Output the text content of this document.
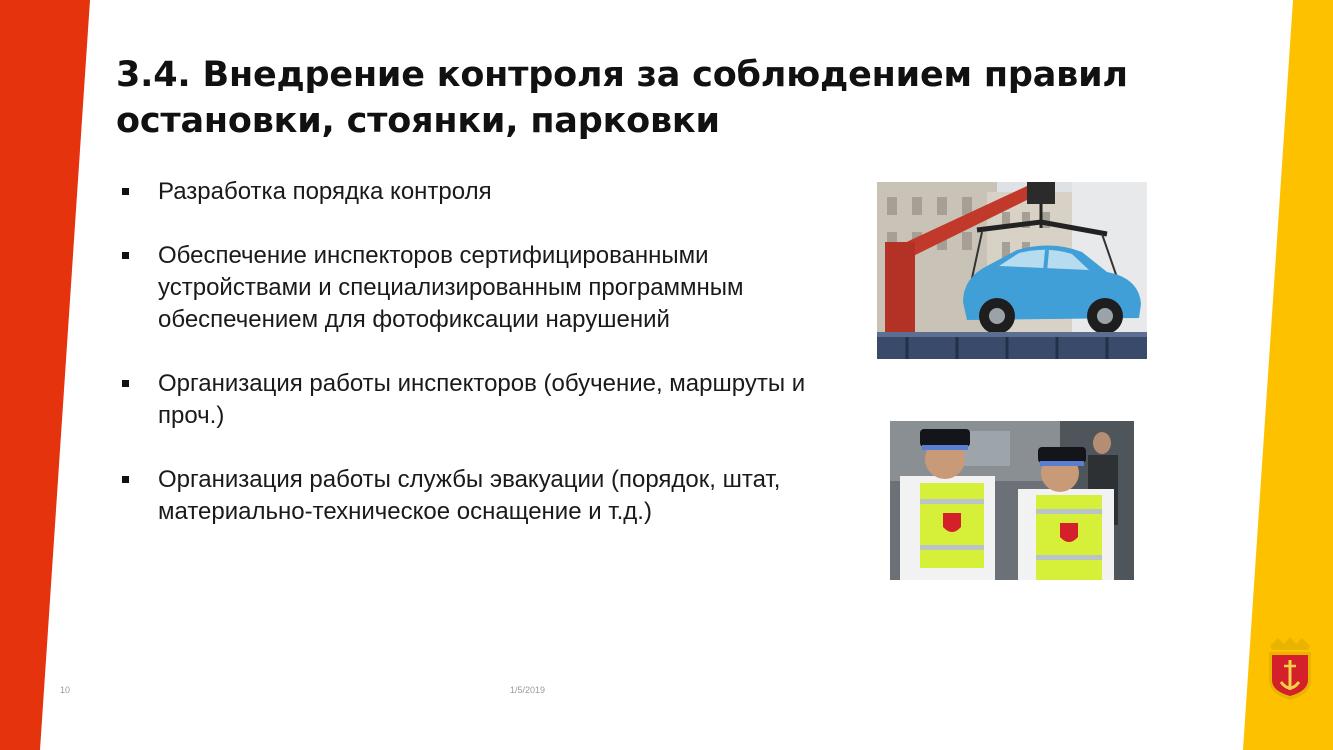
3.4. Внедрение контроля за соблюдением правил остановки, стоянки, парковки
Разработка порядка контроля
Обеспечение инспекторов сертифицированными устройствами и специализированным программным обеспечением для фотофиксации нарушений
Организация работы инспекторов (обучение, маршруты и проч.)
Организация работы службы эвакуации (порядок, штат, материально-техническое оснащение и т.д.)
10	1/5/2019
